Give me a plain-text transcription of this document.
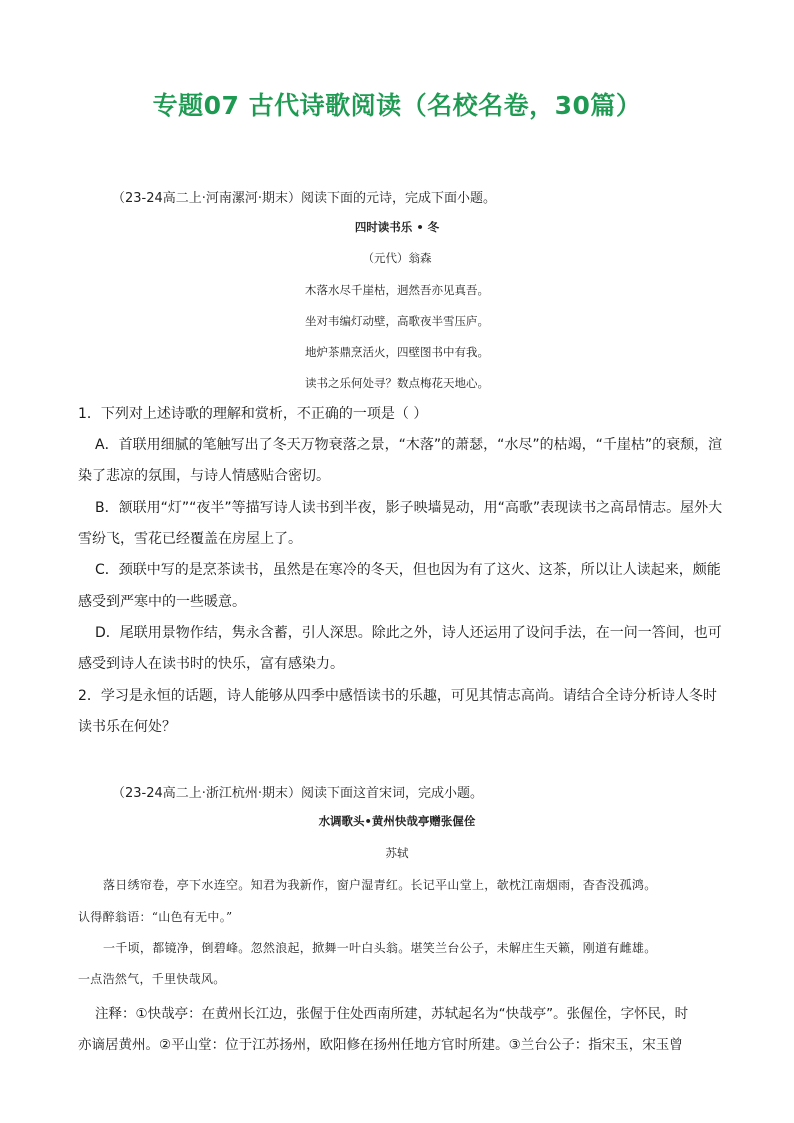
专题07 古代诗歌阅读（名校名卷，30篇）
（23-24高二上·河南漯河·期末）阅读下面的元诗，完成下面小题。
四时读书乐 • 冬
（元代）翁森
木落水尽千崖枯，迥然吾亦见真吾。
坐对韦编灯动壁，高歌夜半雪压庐。
地炉茶鼎烹活火，四壁图书中有我。
读书之乐何处寻？数点梅花天地心。
1．下列对上述诗歌的理解和赏析，不正确的一项是（ ）
A．首联用细腻的笔触写出了冬天万物衰落之景，“木落”的萧瑟，“水尽”的枯竭，“千崖枯”的衰颓，渲
染了悲凉的氛围，与诗人情感贴合密切。
B．颔联用“灯”“夜半”等描写诗人读书到半夜，影子映墙晃动，用“高歌”表现读书之高昂情志。屋外大
雪纷飞，雪花已经覆盖在房屋上了。
C．颈联中写的是烹茶读书，虽然是在寒冷的冬天，但也因为有了这火、这茶，所以让人读起来，颇能
感受到严寒中的一些暖意。
D．尾联用景物作结，隽永含蓄，引人深思。除此之外，诗人还运用了设问手法，在一问一答间，也可
感受到诗人在读书时的快乐，富有感染力。
2．学习是永恒的话题，诗人能够从四季中感悟读书的乐趣，可见其情志高尚。请结合全诗分析诗人冬时
读书乐在何处？
（23-24高二上·浙江杭州·期末）阅读下面这首宋词，完成小题。
水调歌头•黄州快哉亭赠张偓佺
苏轼
落日绣帘卷，亭下水连空。知君为我新作，窗户湿青红。长记平山堂上，欹枕江南烟雨，杳杳没孤鸿。
认得醉翁语：“山色有无中。”
一千顷，都镜净，倒碧峰。忽然浪起，掀舞一叶白头翁。堪笑兰台公子，未解庄生天籁，刚道有雌雄。
一点浩然气，千里快哉风。
注释：①快哉亭：在黄州长江边，张偓于住处西南所建，苏轼起名为“快哉亭”。张偓佺，字怀民，时
亦谪居黄州。②平山堂：位于江苏扬州，欧阳修在扬州任地方官时所建。③兰台公子：指宋玉，宋玉曾
